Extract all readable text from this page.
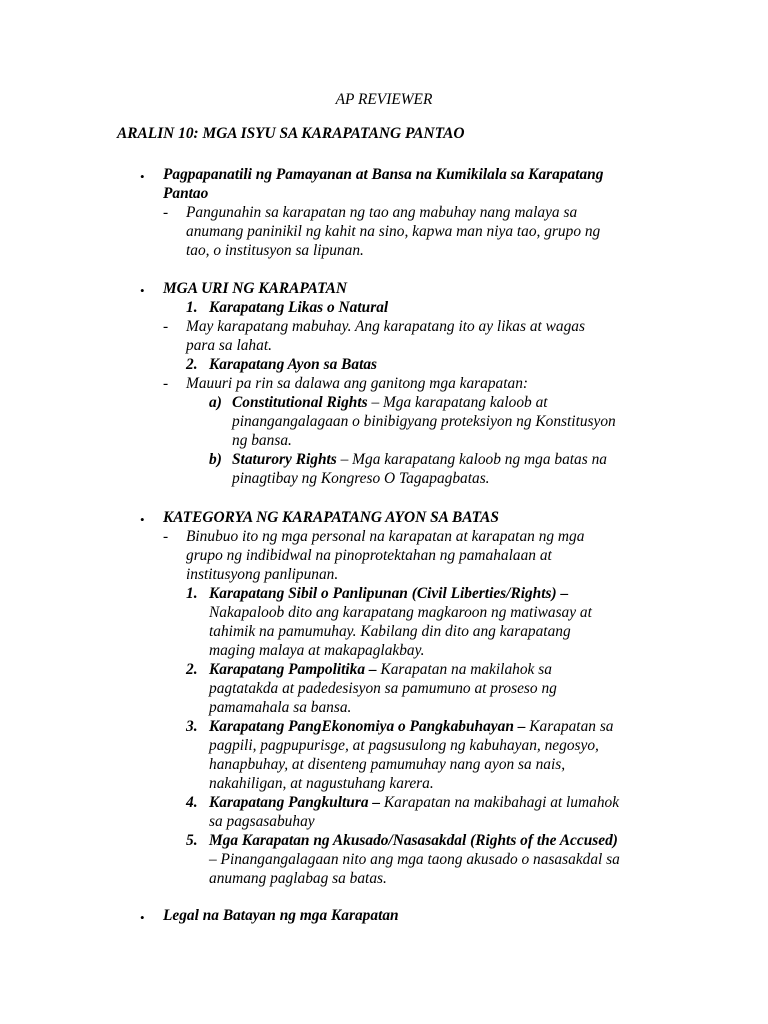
AP REVIEWER
ARALIN 10: MGA ISYU SA KARAPATANG PANTAO
• Pagpapanatili ng Pamayanan at Bansa na Kumikilala sa Karapatang

Pantao

- Pangunahin sa karapatan ng tao ang mabuhay nang malaya sa

anumang paninikil ng kahit na sino, kapwa man niya tao, grupo ng

tao, o institusyon sa lipunan.

• MGA URI NG KARAPATAN
1. Karapatang Likas o Natural
- May karapatang mabuhay. Ang karapatang ito ay likas at wagas

para sa lahat.

2. Karapatang Ayon sa Batas
- Mauuri pa rin sa dalawa ang ganitong mga karapatan:
a) Constitutional Rights – Mga karapatang kaloob at

pinangangalagaan o binibigyang proteksiyon ng Konstitusyon

ng bansa.

b) Staturory Rights – Mga karapatang kaloob ng mga batas na

pinagtibay ng Kongreso O Tagapagbatas.

• KATEGORYA NG KARAPATANG AYON SA BATAS
- Binubuo ito ng mga personal na karapatan at karapatan ng mga

grupo ng indibidwal na pinoprotektahan ng pamahalaan at

institusyong panlipunan.

1. Karapatang Sibil o Panlipunan (Civil Liberties/Rights) –

Nakapaloob dito ang karapatang magkaroon ng matiwasay at

tahimik na pamumuhay. Kabilang din dito ang karapatang

maging malaya at makapaglakbay.

2. Karapatang Pampolitika – Karapatan na makilahok sa

pagtatakda at padedesisyon sa pamumuno at proseso ng

pamamahala sa bansa.

3. Karapatang PangEkonomiya o Pangkabuhayan – Karapatan sa

pagpili, pagpupurisge, at pagsusulong ng kabuhayan, negosyo,

hanapbuhay, at disenteng pamumuhay nang ayon sa nais,

nakahiligan, at nagustuhang karera.

4. Karapatang Pangkultura – Karapatan na makibahagi at lumahok

sa pagsasabuhay

5. Mga Karapatan ng Akusado/Nasasakdal (Rights of the Accused)

– Pinangangalagaan nito ang mga taong akusado o nasasakdal sa

anumang paglabag sa batas.

• Legal na Batayan ng mga Karapatan
